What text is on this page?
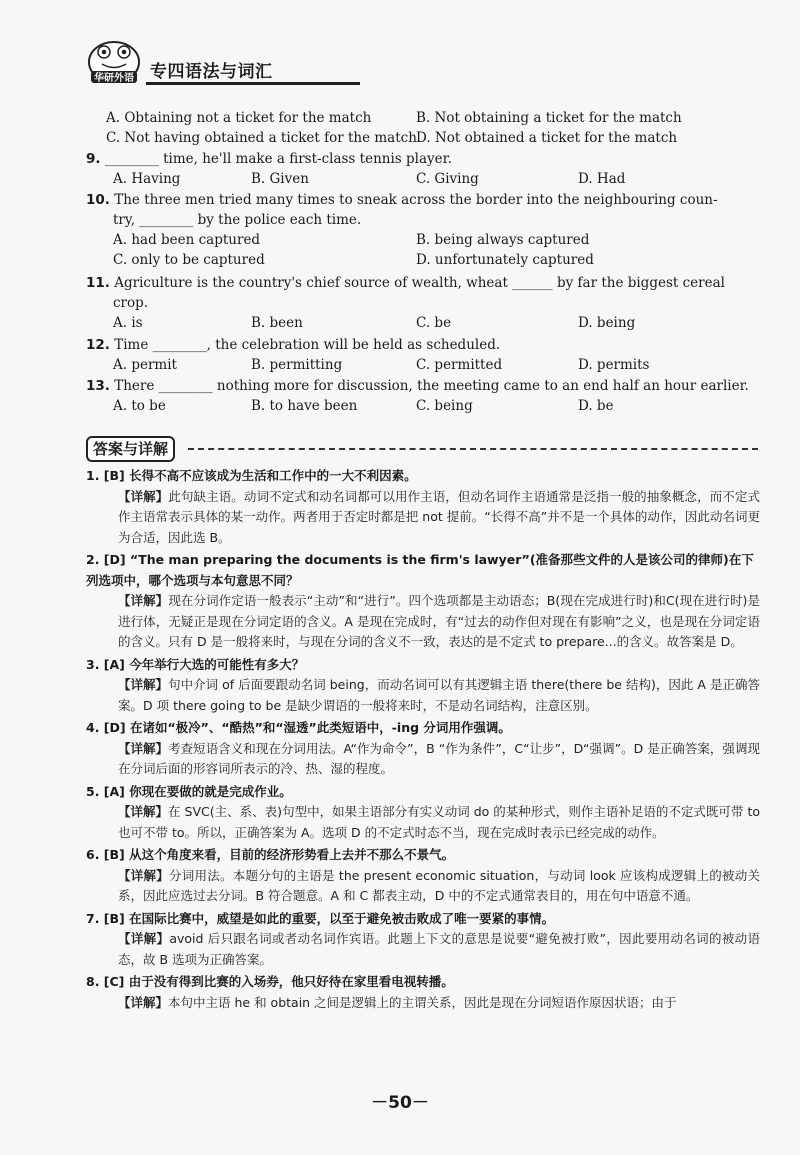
华研外语 专四语法与词汇
A. Obtaining not a ticket for the match	B. Not obtaining a ticket for the match
C. Not having obtained a ticket for the match D. Not obtained a ticket for the match
9. ________ time, he'll make a first-class tennis player.
A. Having	B. Given	C. Giving	D. Had
10. The three men tried many times to sneak across the border into the neighbouring coun-
try, ________ by the police each time.
A. had been captured	B. being always captured
C. only to be captured	D. unfortunately captured
11. Agriculture is the country's chief source of wealth, wheat ______ by far the biggest cereal
crop.
A. is	B. been	C. be	D. being
12. Time ________, the celebration will be held as scheduled.
A. permit	B. permitting	C. permitted	D. permits
13. There ________ nothing more for discussion, the meeting came to an end half an hour earlier.
A. to be	B. to have been	C. being	D. be
答案与详解
1. [B] 长得不高不应该成为生活和工作中的一大不利因素。
【详解】此句缺主语。动词不定式和动名词都可以用作主语，但动名词作主语通常是泛指一般的抽象概念，而不定式作主语常表示具体的某一动作。两者用于否定时都是把 not 提前。“长得不高”并不是一个具体的动作，因此动名词更为合适，因此选 B。
2. [D] “The man preparing the documents is the firm's lawyer”(准备那些文件的人是该公司的律师)在下列选项中，哪个选项与本句意思不同？
【详解】现在分词作定语一般表示“主动”和“进行”。四个选项都是主动语态；B(现在完成进行时)和C(现在进行时)是进行体，无疑正是现在分词定语的含义。A 是现在完成时，有“过去的动作但对现在有影响”之义，也是现在分词定语的含义。只有 D 是一般将来时，与现在分词的含义不一致，表达的是不定式 to prepare...的含义。故答案是 D。
3. [A] 今年举行大选的可能性有多大？
【详解】句中介词 of 后面要跟动名词 being，而动名词可以有其逻辑主语 there(there be 结构)，因此 A 是正确答案。D 项 there going to be 是缺少谓语的一般将来时，不是动名词结构，注意区别。
4. [D] 在诸如“极冷”、“酷热”和“湿透”此类短语中，-ing 分词用作强调。
【详解】考查短语含义和现在分词用法。A“作为命令”，B “作为条件”，C“让步”，D“强调”。D 是正确答案，强调现在分词后面的形容词所表示的冷、热、湿的程度。
5. [A] 你现在要做的就是完成作业。
【详解】在 SVC(主、系、表)句型中，如果主语部分有实义动词 do 的某种形式，则作主语补足语的不定式既可带 to 也可不带 to。所以，正确答案为 A。选项 D 的不定式时态不当，现在完成时表示已经完成的动作。
6. [B] 从这个角度来看，目前的经济形势看上去并不那么不景气。
【详解】分词用法。本题分句的主语是 the present economic situation，与动词 look 应该构成逻辑上的被动关系，因此应选过去分词。B 符合题意。A 和 C 都表主动，D 中的不定式通常表目的，用在句中语意不通。
7. [B] 在国际比赛中，威望是如此的重要，以至于避免被击败成了唯一要紧的事情。
【详解】avoid 后只跟名词或者动名词作宾语。此题上下文的意思是说要“避免被打败”，因此要用动名词的被动语态，故 B 选项为正确答案。
8. [C] 由于没有得到比赛的入场券，他只好待在家里看电视转播。
【详解】本句中主语 he 和 obtain 之间是逻辑上的主谓关系，因此是现在分词短语作原因状语；由于
－50－
